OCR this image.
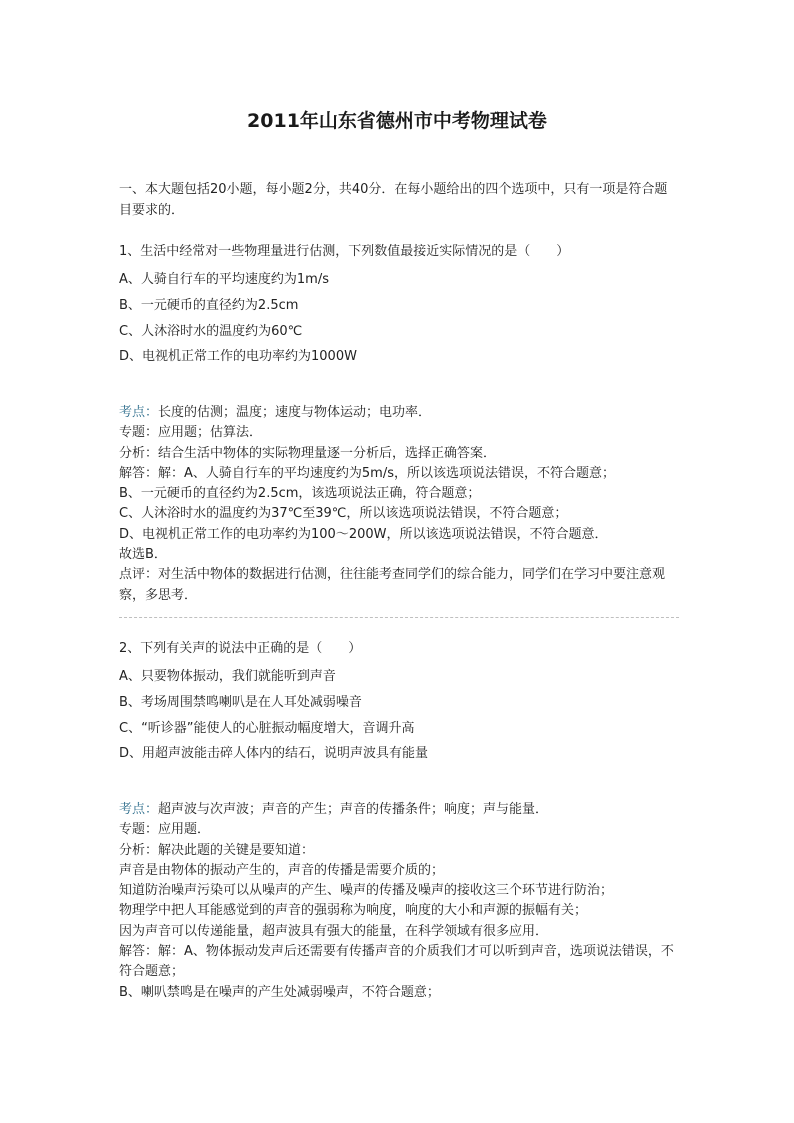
2011年山东省德州市中考物理试卷
一、本大题包括20小题，每小题2分，共40分．在每小题给出的四个选项中，只有一项是符合题目要求的．
1、生活中经常对一些物理量进行估测，下列数值最接近实际情况的是（　　）
A、人骑自行车的平均速度约为1m/s
B、一元硬币的直径约为2.5cm
C、人沐浴时水的温度约为60℃
D、电视机正常工作的电功率约为1000W
考点：长度的估测；温度；速度与物体运动；电功率．
专题：应用题；估算法．
分析：结合生活中物体的实际物理量逐一分析后，选择正确答案．
解答：解：A、人骑自行车的平均速度约为5m/s，所以该选项说法错误，不符合题意；
B、一元硬币的直径约为2.5cm，该选项说法正确，符合题意；
C、人沐浴时水的温度约为37℃至39℃，所以该选项说法错误，不符合题意；
D、电视机正常工作的电功率约为100～200W，所以该选项说法错误，不符合题意．
故选B．
点评：对生活中物体的数据进行估测，往往能考查同学们的综合能力，同学们在学习中要注意观察，多思考．
2、下列有关声的说法中正确的是（　　）
A、只要物体振动，我们就能听到声音
B、考场周围禁鸣喇叭是在人耳处减弱噪音
C、“听诊器”能使人的心脏振动幅度增大，音调升高
D、用超声波能击碎人体内的结石，说明声波具有能量
考点：超声波与次声波；声音的产生；声音的传播条件；响度；声与能量．
专题：应用题．
分析：解决此题的关键是要知道：
声音是由物体的振动产生的，声音的传播是需要介质的；
知道防治噪声污染可以从噪声的产生、噪声的传播及噪声的接收这三个环节进行防治；
物理学中把人耳能感觉到的声音的强弱称为响度，响度的大小和声源的振幅有关；
因为声音可以传递能量，超声波具有强大的能量，在科学领域有很多应用．
解答：解：A、物体振动发声后还需要有传播声音的介质我们才可以听到声音，选项说法错误，不符合题意；
B、喇叭禁鸣是在噪声的产生处减弱噪声，不符合题意；
